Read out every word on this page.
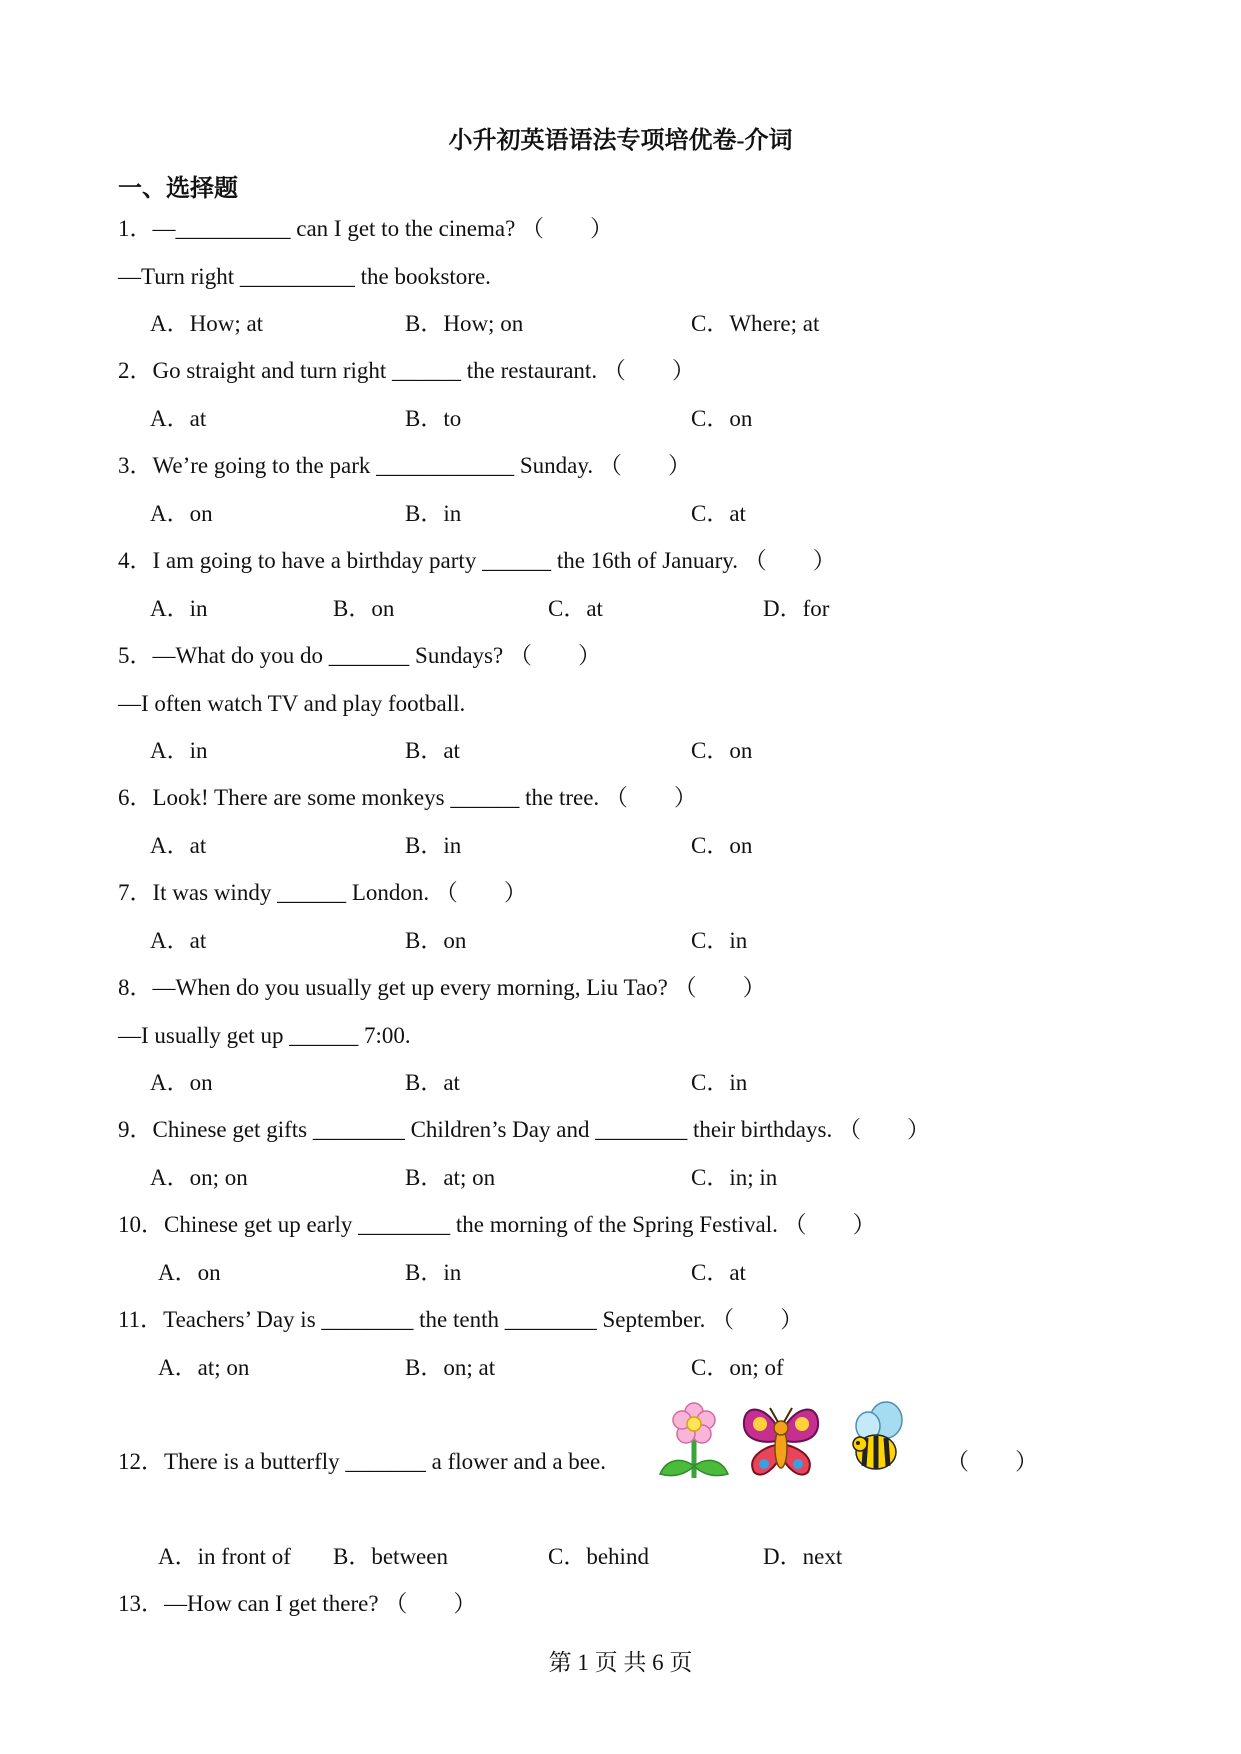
小升初英语语法专项培优卷-介词
一、选择题
1．—__________ can I get to the cinema? （　　）
—Turn right __________ the bookstore.
A．How; at	B．How; on	C．Where; at
2．Go straight and turn right ______ the restaurant. （　　）
A．at	B．to	C．on
3．We’re going to the park ____________ Sunday. （　　）
A．on	B．in	C．at
4．I am going to have a birthday party ______ the 16th of January. （　　）
A．in	B．on	C．at	D．for
5．—What do you do _______ Sundays? （　　）
—I often watch TV and play football.
A．in	B．at	C．on
6．Look! There are some monkeys ______ the tree. （　　）
A．at	B．in	C．on
7．It was windy ______ London. （　　）
A．at	B．on	C．in
8．—When do you usually get up every morning, Liu Tao? （　　）
—I usually get up ______ 7:00.
A．on	B．at	C．in
9．Chinese get gifts ________ Children’s Day and ________ their birthdays. （　　）
A．on; on	B．at; on	C．in; in
10．Chinese get up early ________ the morning of the Spring Festival. （　　）
A．on	B．in	C．at
11．Teachers’ Day is ________ the tenth ________ September. （　　）
A．at; on	B．on; at	C．on; of
12．There is a butterfly _______ a flower and a bee.	（　　）
A．in front of B．between	C．behind	D．next
13．—How can I get there? （　　）
第 1 页 共 6 页
